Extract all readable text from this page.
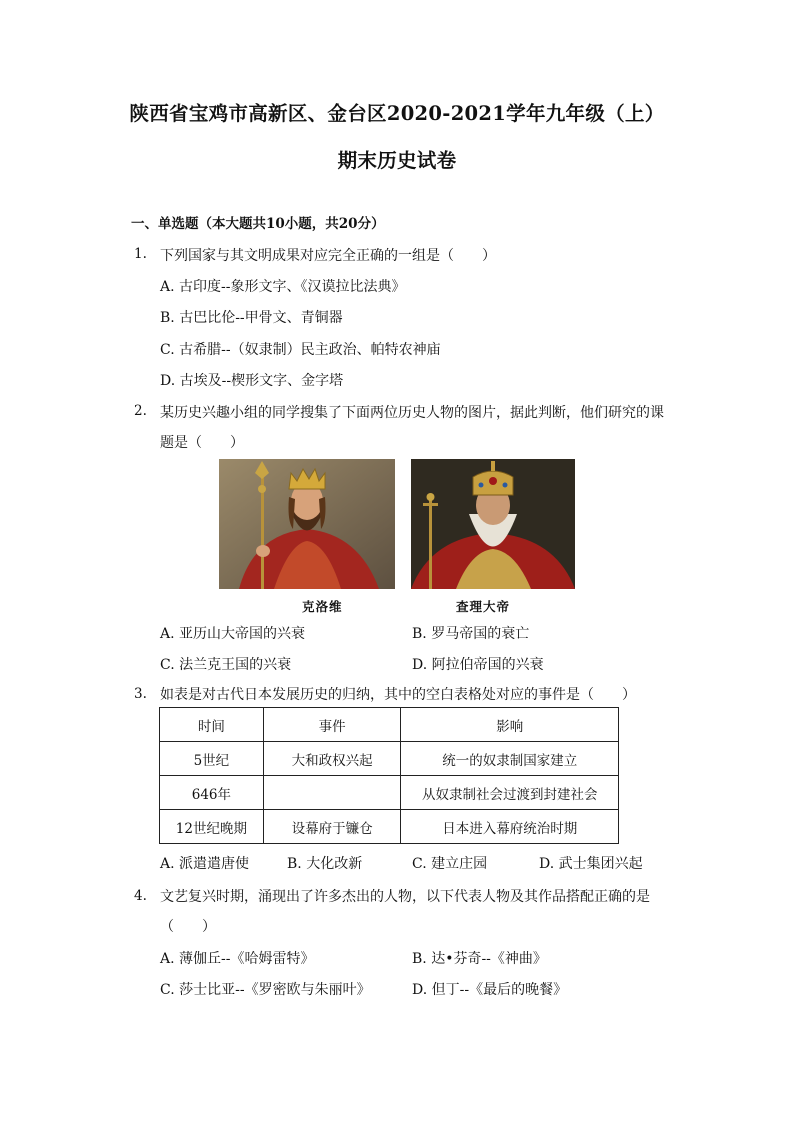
陕西省宝鸡市高新区、金台区2020-2021学年九年级（上）
期末历史试卷
一、单选题（本大题共10小题，共20分）
1. 下列国家与其文明成果对应完全正确的一组是（　　）
A. 古印度--象形文字、《汉谟拉比法典》
B. 古巴比伦--甲骨文、青铜器
C. 古希腊--（奴隶制）民主政治、帕特农神庙
D. 古埃及--楔形文字、金字塔
2. 某历史兴趣小组的同学搜集了下面两位历史人物的图片，据此判断，他们研究的课
题是（　　）
克洛维	查理大帝
A. 亚历山大帝国的兴衰	B. 罗马帝国的衰亡
C. 法兰克王国的兴衰	D. 阿拉伯帝国的兴衰
3. 如表是对古代日本发展历史的归纳，其中的空白表格处对应的事件是（　　）
时间	事件	影响
5世纪	大和政权兴起	统一的奴隶制国家建立
646年		从奴隶制社会过渡到封建社会
12世纪晚期	设幕府于镰仓	日本进入幕府统治时期
A. 派遣遣唐使	B. 大化改新	C. 建立庄园	D. 武士集团兴起
4. 文艺复兴时期，涌现出了许多杰出的人物，以下代表人物及其作品搭配正确的是
（　　）
A. 薄伽丘--《哈姆雷特》	B. 达•芬奇--《神曲》
C. 莎士比亚--《罗密欧与朱丽叶》	D. 但丁--《最后的晚餐》
